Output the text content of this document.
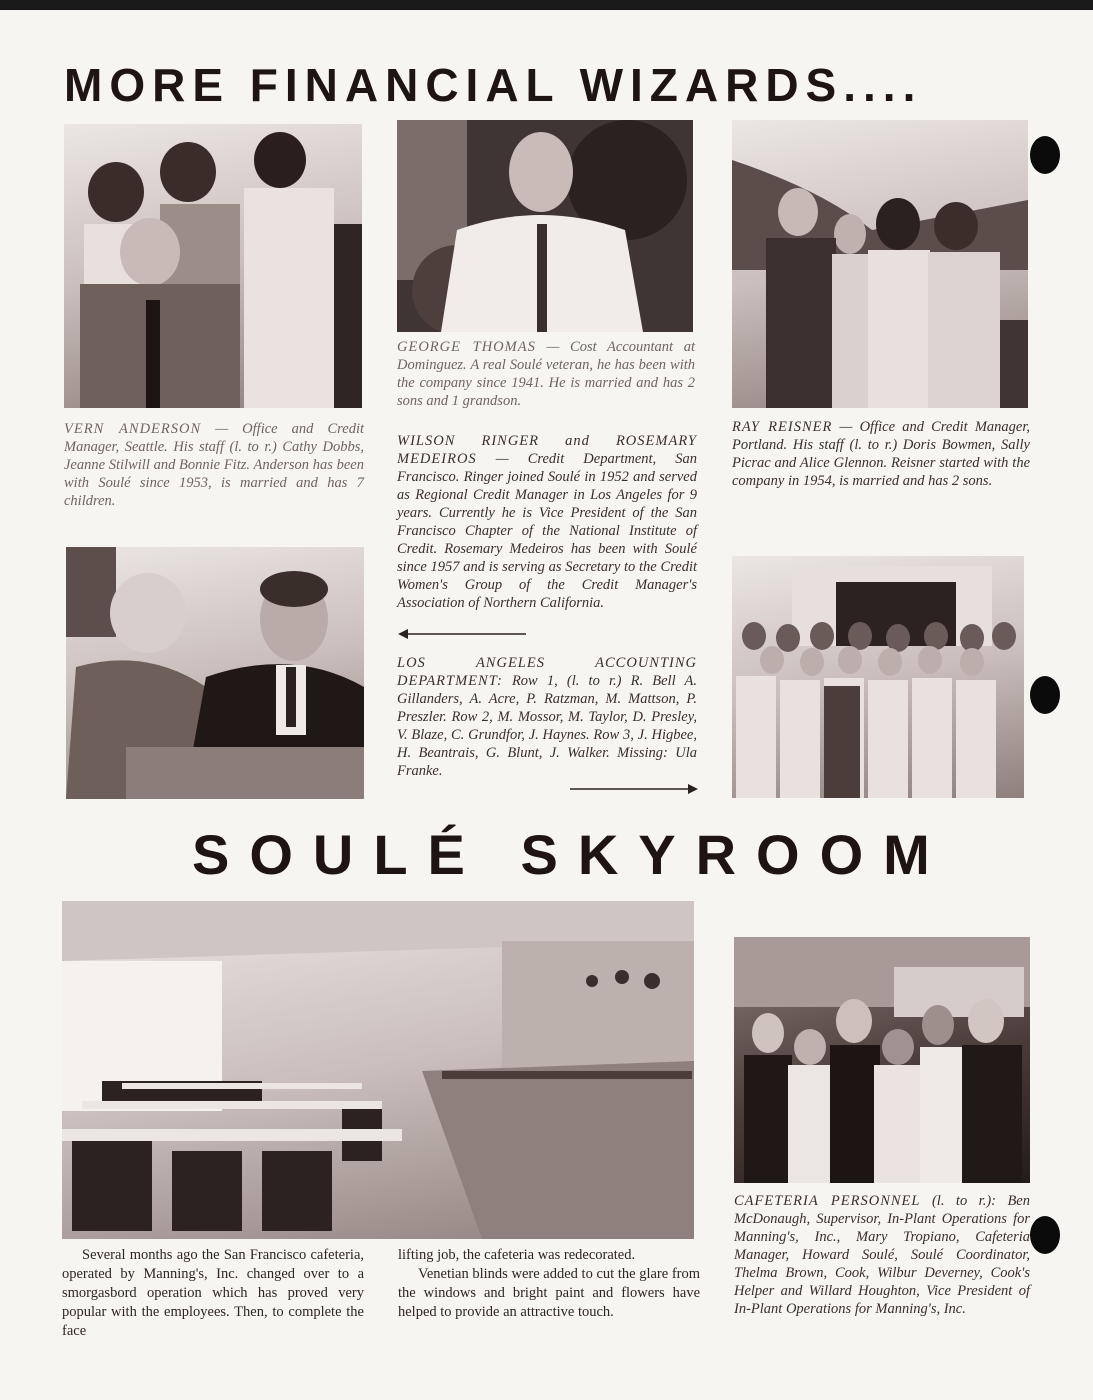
MORE FINANCIAL WIZARDS....

VERN ANDERSON — Office and Credit Manager, Seattle. His staff (l. to r.) Cathy Dobbs, Jeanne Stilwill and Bonnie Fitz. Anderson has been with Soulé since 1953, is married and has 7 children.

GEORGE THOMAS — Cost Accountant at Dominguez. A real Soulé veteran, he has been with the company since 1941. He is married and has 2 sons and 1 grandson.

RAY REISNER — Office and Credit Manager, Portland. His staff (l. to r.) Doris Bowmen, Sally Picrac and Alice Glennon. Reisner started with the company in 1954, is married and has 2 sons.

WILSON RINGER and ROSEMARY MEDEIROS — Credit Department, San Francisco. Ringer joined Soulé in 1952 and served as Regional Credit Manager in Los Angeles for 9 years. Currently he is Vice President of the San Francisco Chapter of the National Institute of Credit. Rosemary Medeiros has been with Soulé since 1957 and is serving as Secretary to the Credit Women's Group of the Credit Manager's Association of Northern California.

LOS ANGELES ACCOUNTING DEPARTMENT: Row 1, (l. to r.) R. Bell A. Gillanders, A. Acre, P. Ratzman, M. Mattson, P. Preszler. Row 2, M. Mossor, M. Taylor, D. Presley, V. Blaze, C. Grundfor, J. Haynes. Row 3, J. Higbee, H. Beantrais, G. Blunt, J. Walker. Missing: Ula Franke.

SOULÉ SKYROOM

CAFETERIA PERSONNEL (l. to r.): Ben McDonaugh, Supervisor, In-Plant Operations for Manning's, Inc., Mary Tropiano, Cafeteria Manager, Howard Soulé, Soulé Coordinator, Thelma Brown, Cook, Wilbur Deverney, Cook's Helper and Willard Houghton, Vice President of In-Plant Operations for Manning's, Inc.

Several months ago the San Francisco cafeteria, operated by Manning's, Inc. changed over to a smorgasbord operation which has proved very popular with the employees. Then, to complete the face

lifting job, the cafeteria was redecorated.

Venetian blinds were added to cut the glare from the windows and bright paint and flowers have helped to provide an attractive touch.
